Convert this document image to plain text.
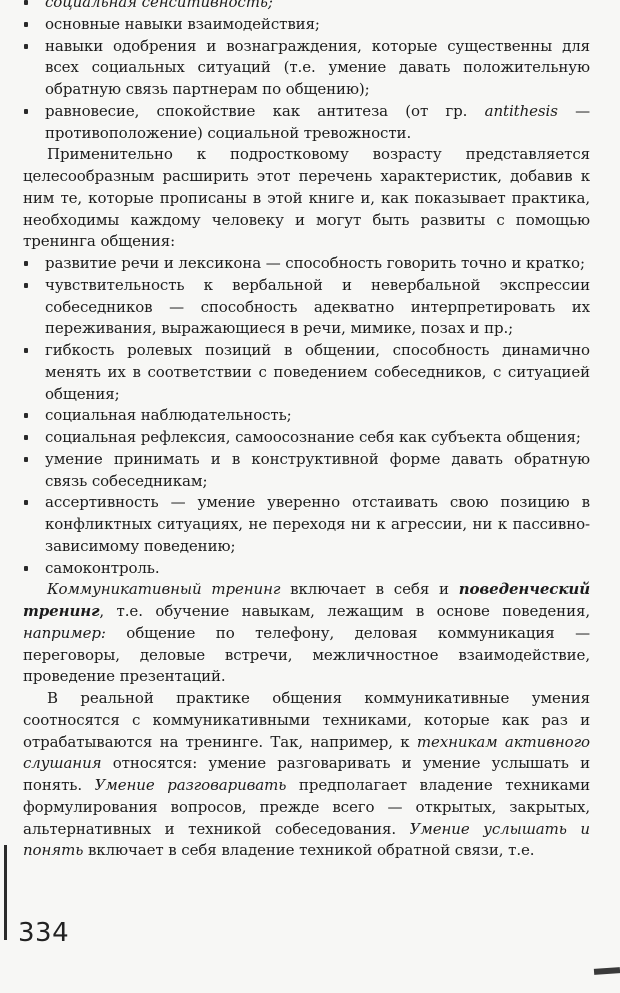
социальная сенситивность;

основные навыки взаимодействия;

навыки одобрения и вознаграждения, которые существенны для всех социальных ситуаций (т.е. умение давать положительную обратную связь партнерам по общению);

равновесие, спокойствие как антитеза (от гр. antithesis — противоположение) социальной тревожности.

Применительно к подростковому возрасту представляется целесообразным расширить этот перечень характеристик, добавив к ним те, которые прописаны в этой книге и, как показывает практика, необходимы каждому человеку и могут быть развиты с помощью тренинга общения:

развитие речи и лексикона — способность говорить точно и кратко;

чувствительность к вербальной и невербальной экспрессии собеседников — способность адекватно интерпретировать их переживания, выражающиеся в речи, мимике, позах и пр.;

гибкость ролевых позиций в общении, способность динамично менять их в соответствии с поведением собеседников, с ситуацией общения;

социальная наблюдательность;

социальная рефлексия, самоосознание себя как субъекта общения;

умение принимать и в конструктивной форме давать обратную связь собеседникам;

ассертивность — умение уверенно отстаивать свою позицию в конфликтных ситуациях, не переходя ни к агрессии, ни к пассивно-зависимому поведению;

самоконтроль.

Коммуникативный тренинг включает в себя и поведенческий тренинг, т.е. обучение навыкам, лежащим в основе поведения, например: общение по телефону, деловая коммуникация — переговоры, деловые встречи, межличностное взаимодействие, проведение презентаций.

В реальной практике общения коммуникативные умения соотносятся с коммуникативными техниками, которые как раз и отрабатываются на тренинге. Так, например, к техникам активного слушания относятся: умение разговаривать и умение услышать и понять. Умение разговаривать предполагает владение техниками формулирования вопросов, прежде всего — открытых, закрытых, альтернативных и техникой собеседования. Умение услышать и понять включает в себя владение техникой обратной связи, т.е.

334
